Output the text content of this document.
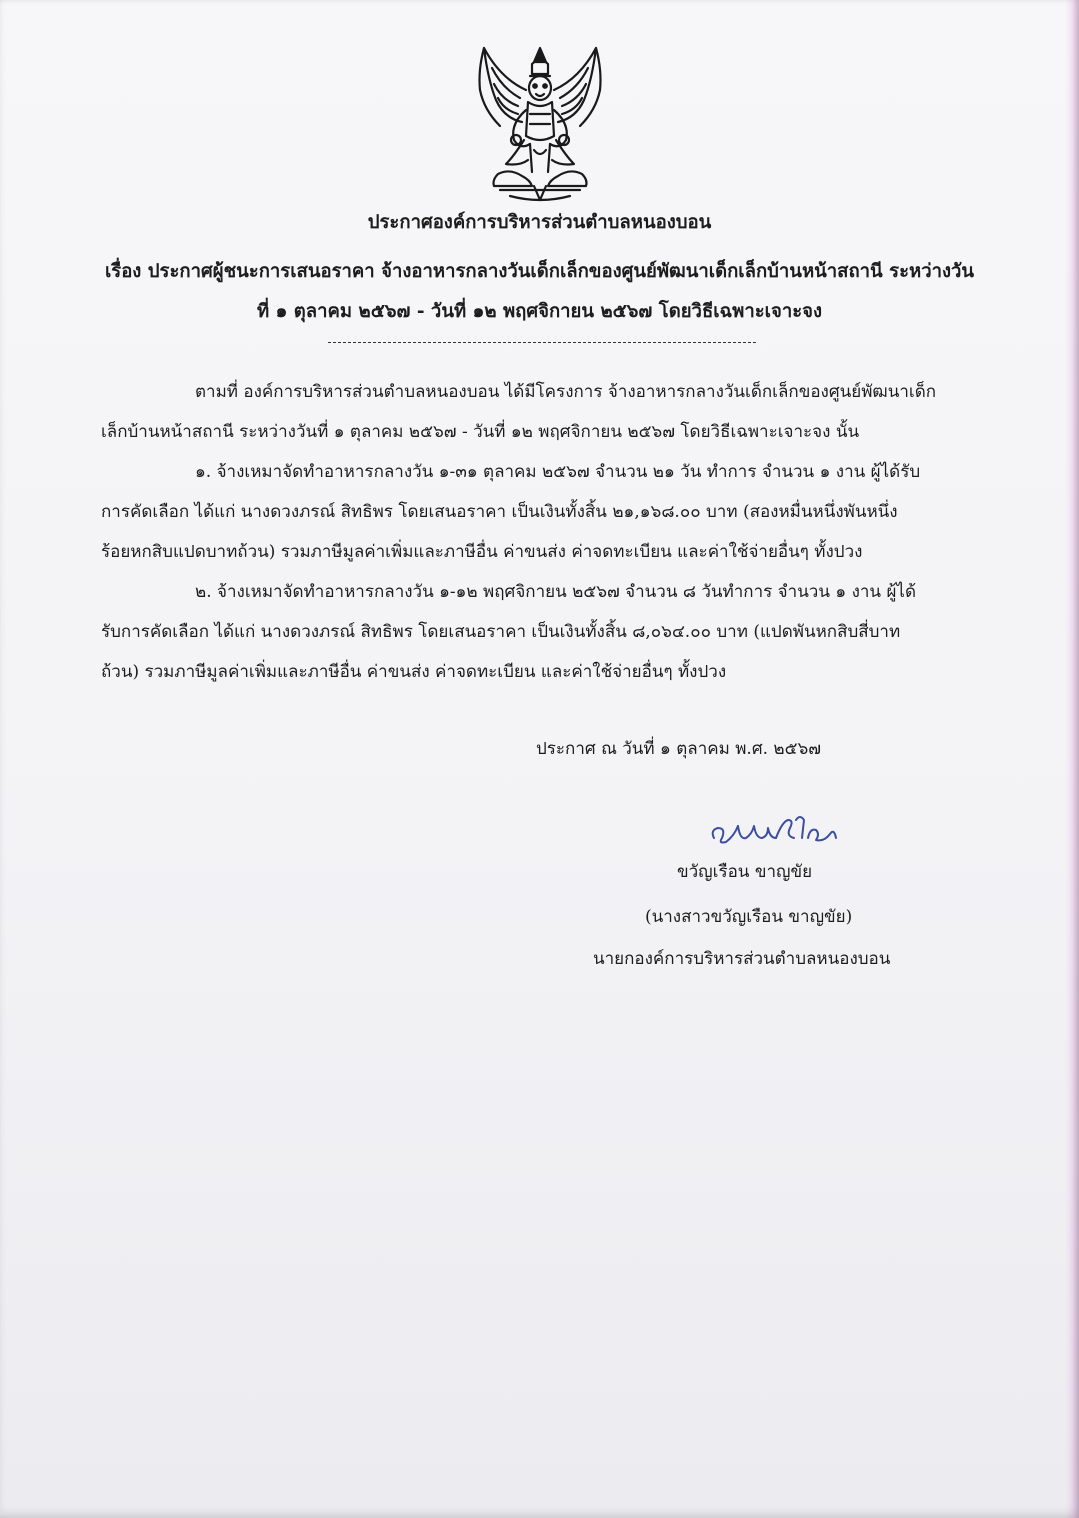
ประกาศองค์การบริหารส่วนตำบลหนองบอน
เรื่อง ประกาศผู้ชนะการเสนอราคา จ้างอาหารกลางวันเด็กเล็กของศูนย์พัฒนาเด็กเล็กบ้านหน้าสถานี ระหว่างวัน
ที่ ๑ ตุลาคม ๒๕๖๗ - วันที่ ๑๒ พฤศจิกายน ๒๕๖๗ โดยวิธีเฉพาะเจาะจง

ตามที่ องค์การบริหารส่วนตำบลหนองบอน ได้มีโครงการ จ้างอาหารกลางวันเด็กเล็กของศูนย์พัฒนาเด็ก

เล็กบ้านหน้าสถานี ระหว่างวันที่ ๑ ตุลาคม ๒๕๖๗ - วันที่ ๑๒ พฤศจิกายน ๒๕๖๗ โดยวิธีเฉพาะเจาะจง นั้น

๑. จ้างเหมาจัดทำอาหารกลางวัน ๑-๓๑ ตุลาคม ๒๕๖๗ จำนวน ๒๑ วัน ทำการ จำนวน ๑ งาน ผู้ได้รับ

การคัดเลือก ได้แก่ นางดวงภรณ์ สิทธิพร โดยเสนอราคา เป็นเงินทั้งสิ้น ๒๑,๑๖๘.๐๐ บาท (สองหมื่นหนึ่งพันหนึ่ง

ร้อยหกสิบแปดบาทถ้วน) รวมภาษีมูลค่าเพิ่มและภาษีอื่น ค่าขนส่ง ค่าจดทะเบียน และค่าใช้จ่ายอื่นๆ ทั้งปวง

๒. จ้างเหมาจัดทำอาหารกลางวัน ๑-๑๒ พฤศจิกายน ๒๕๖๗ จำนวน ๘ วันทำการ จำนวน ๑ งาน ผู้ได้

รับการคัดเลือก ได้แก่ นางดวงภรณ์ สิทธิพร โดยเสนอราคา เป็นเงินทั้งสิ้น ๘,๐๖๔.๐๐ บาท (แปดพันหกสิบสี่บาท

ถ้วน) รวมภาษีมูลค่าเพิ่มและภาษีอื่น ค่าขนส่ง ค่าจดทะเบียน และค่าใช้จ่ายอื่นๆ ทั้งปวง

ประกาศ ณ วันที่ ๑ ตุลาคม พ.ศ. ๒๕๖๗

ขวัญเรือน ขาญขัย

(นางสาวขวัญเรือน ขาญขัย)

นายกองค์การบริหารส่วนตำบลหนองบอน
